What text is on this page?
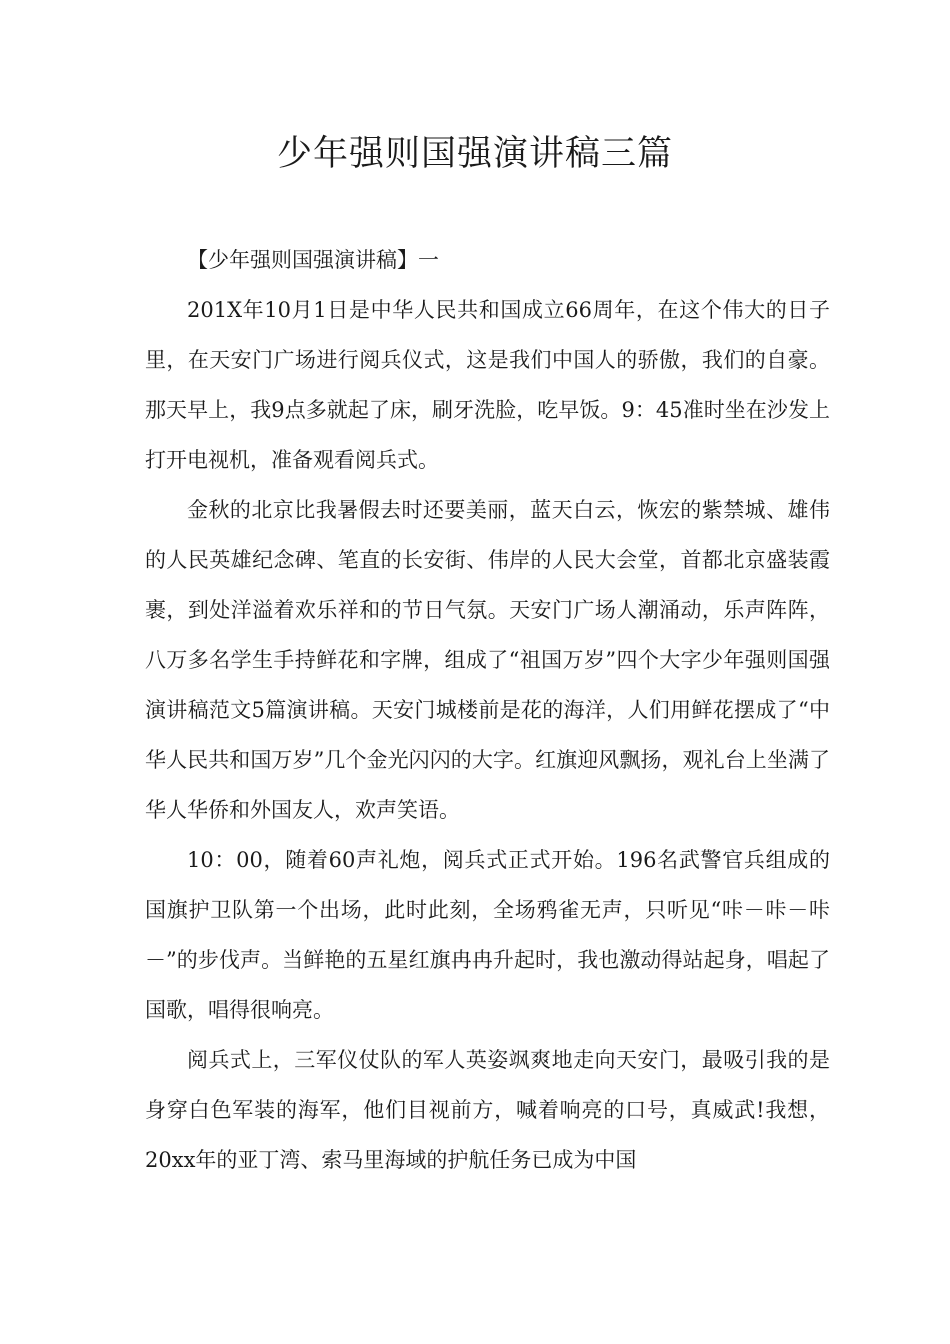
少年强则国强演讲稿三篇

【少年强则国强演讲稿】一

201X年10月1日是中华人民共和国成立66周年，在这个伟大的日子里，在天安门广场进行阅兵仪式，这是我们中国人的骄傲，我们的自豪。那天早上，我9点多就起了床，刷牙洗脸，吃早饭。9：45准时坐在沙发上打开电视机，准备观看阅兵式。

金秋的北京比我暑假去时还要美丽，蓝天白云，恢宏的紫禁城、雄伟的人民英雄纪念碑、笔直的长安街、伟岸的人民大会堂，首都北京盛装霞裹，到处洋溢着欢乐祥和的节日气氛。天安门广场人潮涌动，乐声阵阵，八万多名学生手持鲜花和字牌，组成了“祖国万岁”四个大字少年强则国强演讲稿范文5篇演讲稿。天安门城楼前是花的海洋，人们用鲜花摆成了“中华人民共和国万岁”几个金光闪闪的大字。红旗迎风飘扬，观礼台上坐满了华人华侨和外国友人，欢声笑语。

10：00，随着60声礼炮，阅兵式正式开始。196名武警官兵组成的国旗护卫队第一个出场，此时此刻，全场鸦雀无声，只听见“咔－咔－咔－”的步伐声。当鲜艳的五星红旗冉冉升起时，我也激动得站起身，唱起了国歌，唱得很响亮。

阅兵式上，三军仪仗队的军人英姿飒爽地走向天安门，最吸引我的是身穿白色军装的海军，他们目视前方，喊着响亮的口号，真威武!我想，20xx年的亚丁湾、索马里海域的护航任务已成为中国
